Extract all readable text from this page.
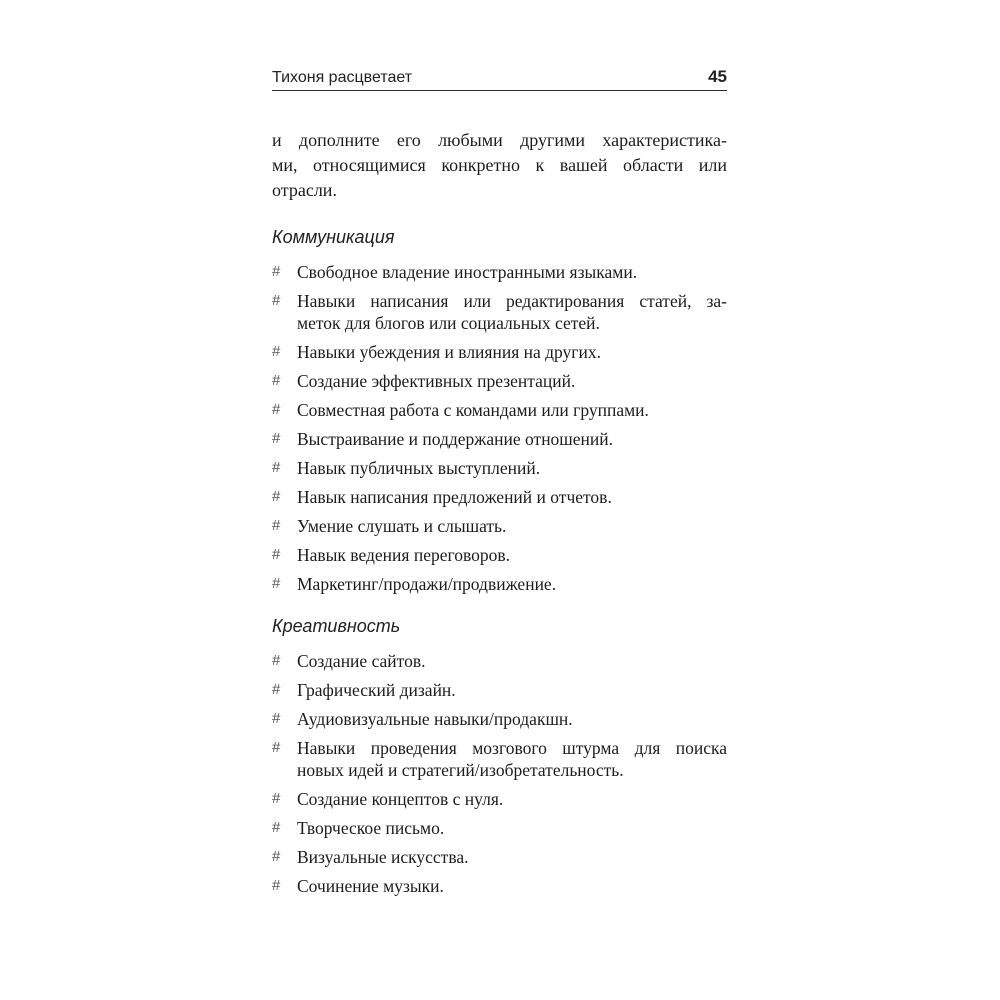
Тихоня расцветает	45

и дополните его любыми другими характеристика-
ми, относящимися конкретно к вашей области или
отрасли.

Коммуникация
# Свободное владение иностранными языками.
# Навыки написания или редактирования статей, за-
меток для блогов или социальных сетей.
# Навыки убеждения и влияния на других.
# Создание эффективных презентаций.
# Совместная работа с командами или группами.
# Выстраивание и поддержание отношений.
# Навык публичных выступлений.
# Навык написания предложений и отчетов.
# Умение слушать и слышать.
# Навык ведения переговоров.
# Маркетинг/продажи/продвижение.
Креативность
# Создание сайтов.
# Графический дизайн.
# Аудиовизуальные навыки/продакшн.
# Навыки проведения мозгового штурма для поиска
новых идей и стратегий/изобретательность.
# Создание концептов с нуля.
# Творческое письмо.
# Визуальные искусства.
# Сочинение музыки.
